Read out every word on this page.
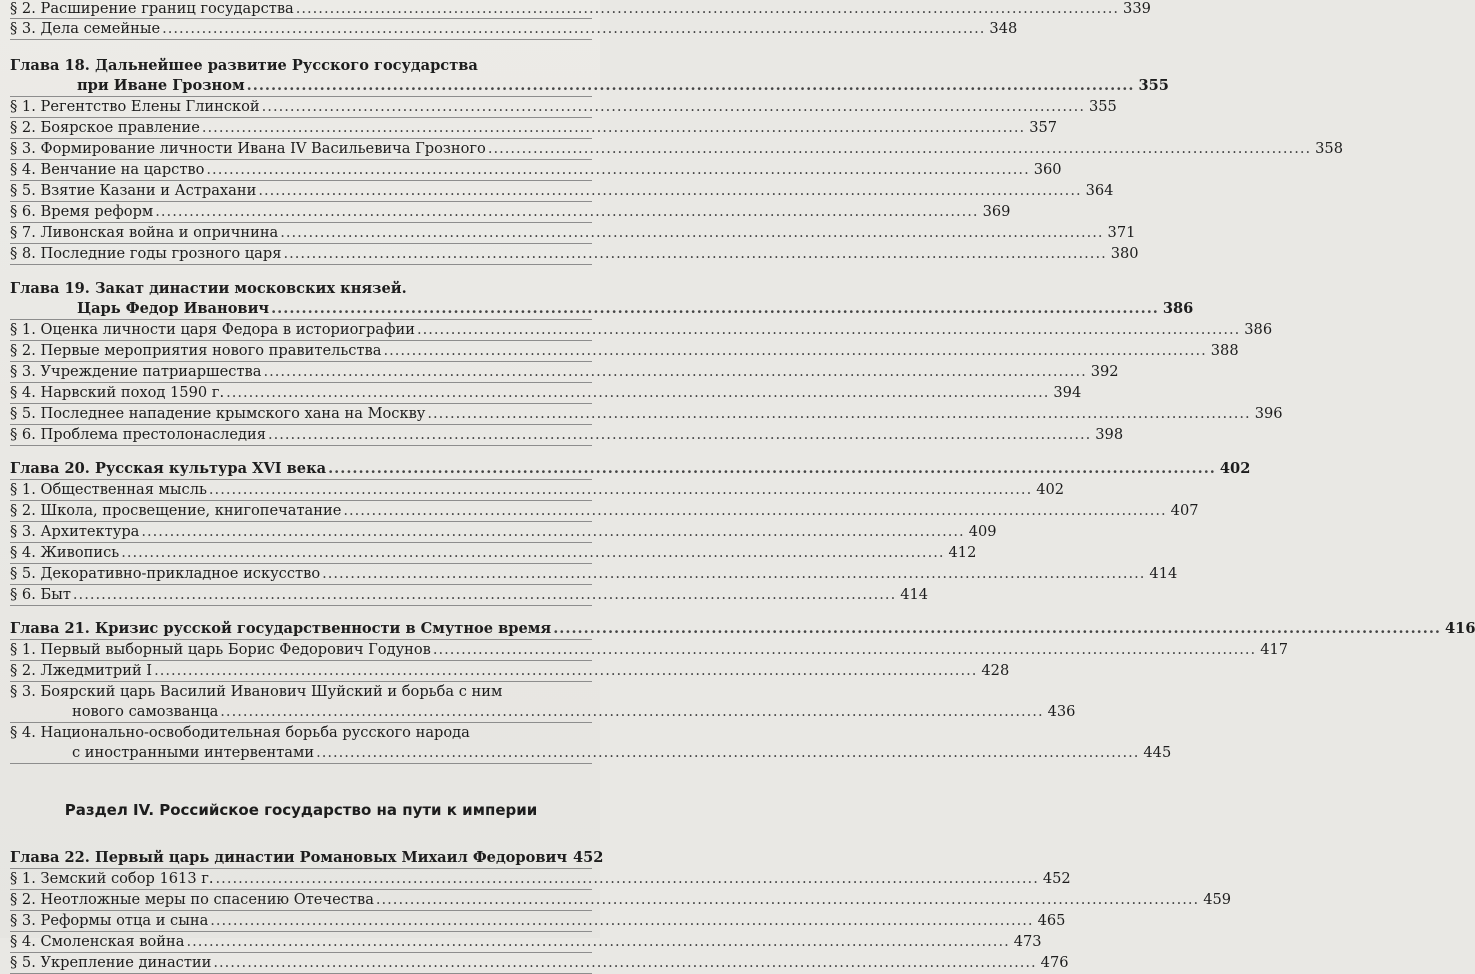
§ 2. Расширение границ государства .....	339
§ 3. Дела семейные .....	348
Глава 18. Дальнейшее развитие Русского государства
при Иване Грозном .....	355
§ 1. Регентство Елены Глинской .....	355
§ 2. Боярское правление .....	357
§ 3. Формирование личности Ивана IV Васильевича Грозного .....	358
§ 4. Венчание на царство .....	360
§ 5. Взятие Казани и Астрахани .....	364
§ 6. Время реформ .....	369
§ 7. Ливонская война и опричнина .....	371
§ 8. Последние годы грозного царя .....	380
Глава 19. Закат династии московских князей.
Царь Федор Иванович .....	386
§ 1. Оценка личности царя Федора в историографии .....	386
§ 2. Первые мероприятия нового правительства .....	388
§ 3. Учреждение патриаршества .....	392
§ 4. Нарвский поход 1590 г. .....	394
§ 5. Последнее нападение крымского хана на Москву .....	396
§ 6. Проблема престолонаследия .....	398
Глава 20. Русская культура XVI века .....	402
§ 1. Общественная мысль .....	402
§ 2. Школа, просвещение, книгопечатание .....	407
§ 3. Архитектура .....	409
§ 4. Живопись .....	412
§ 5. Декоративно-прикладное искусство .....	414
§ 6. Быт .....	414
Глава 21. Кризис русской государственности в Смутное время .....	416
§ 1. Первый выборный царь Борис Федорович Годунов .....	417
§ 2. Лжедмитрий I .....	428
§ 3. Боярский царь Василий Иванович Шуйский и борьба с ним
нового самозванца .....	436
§ 4. Национально-освободительная борьба русского народа
с иностранными интервентами .....	445
Раздел IV. Российское государство на пути к империи
Глава 22. Первый царь династии Романовых Михаил Федорович 452
§ 1. Земский собор 1613 г. .....	452
§ 2. Неотложные меры по спасению Отечества .....	459
§ 3. Реформы отца и сына .....	465
§ 4. Смоленская война .....	473
§ 5. Укрепление династии .....	476
